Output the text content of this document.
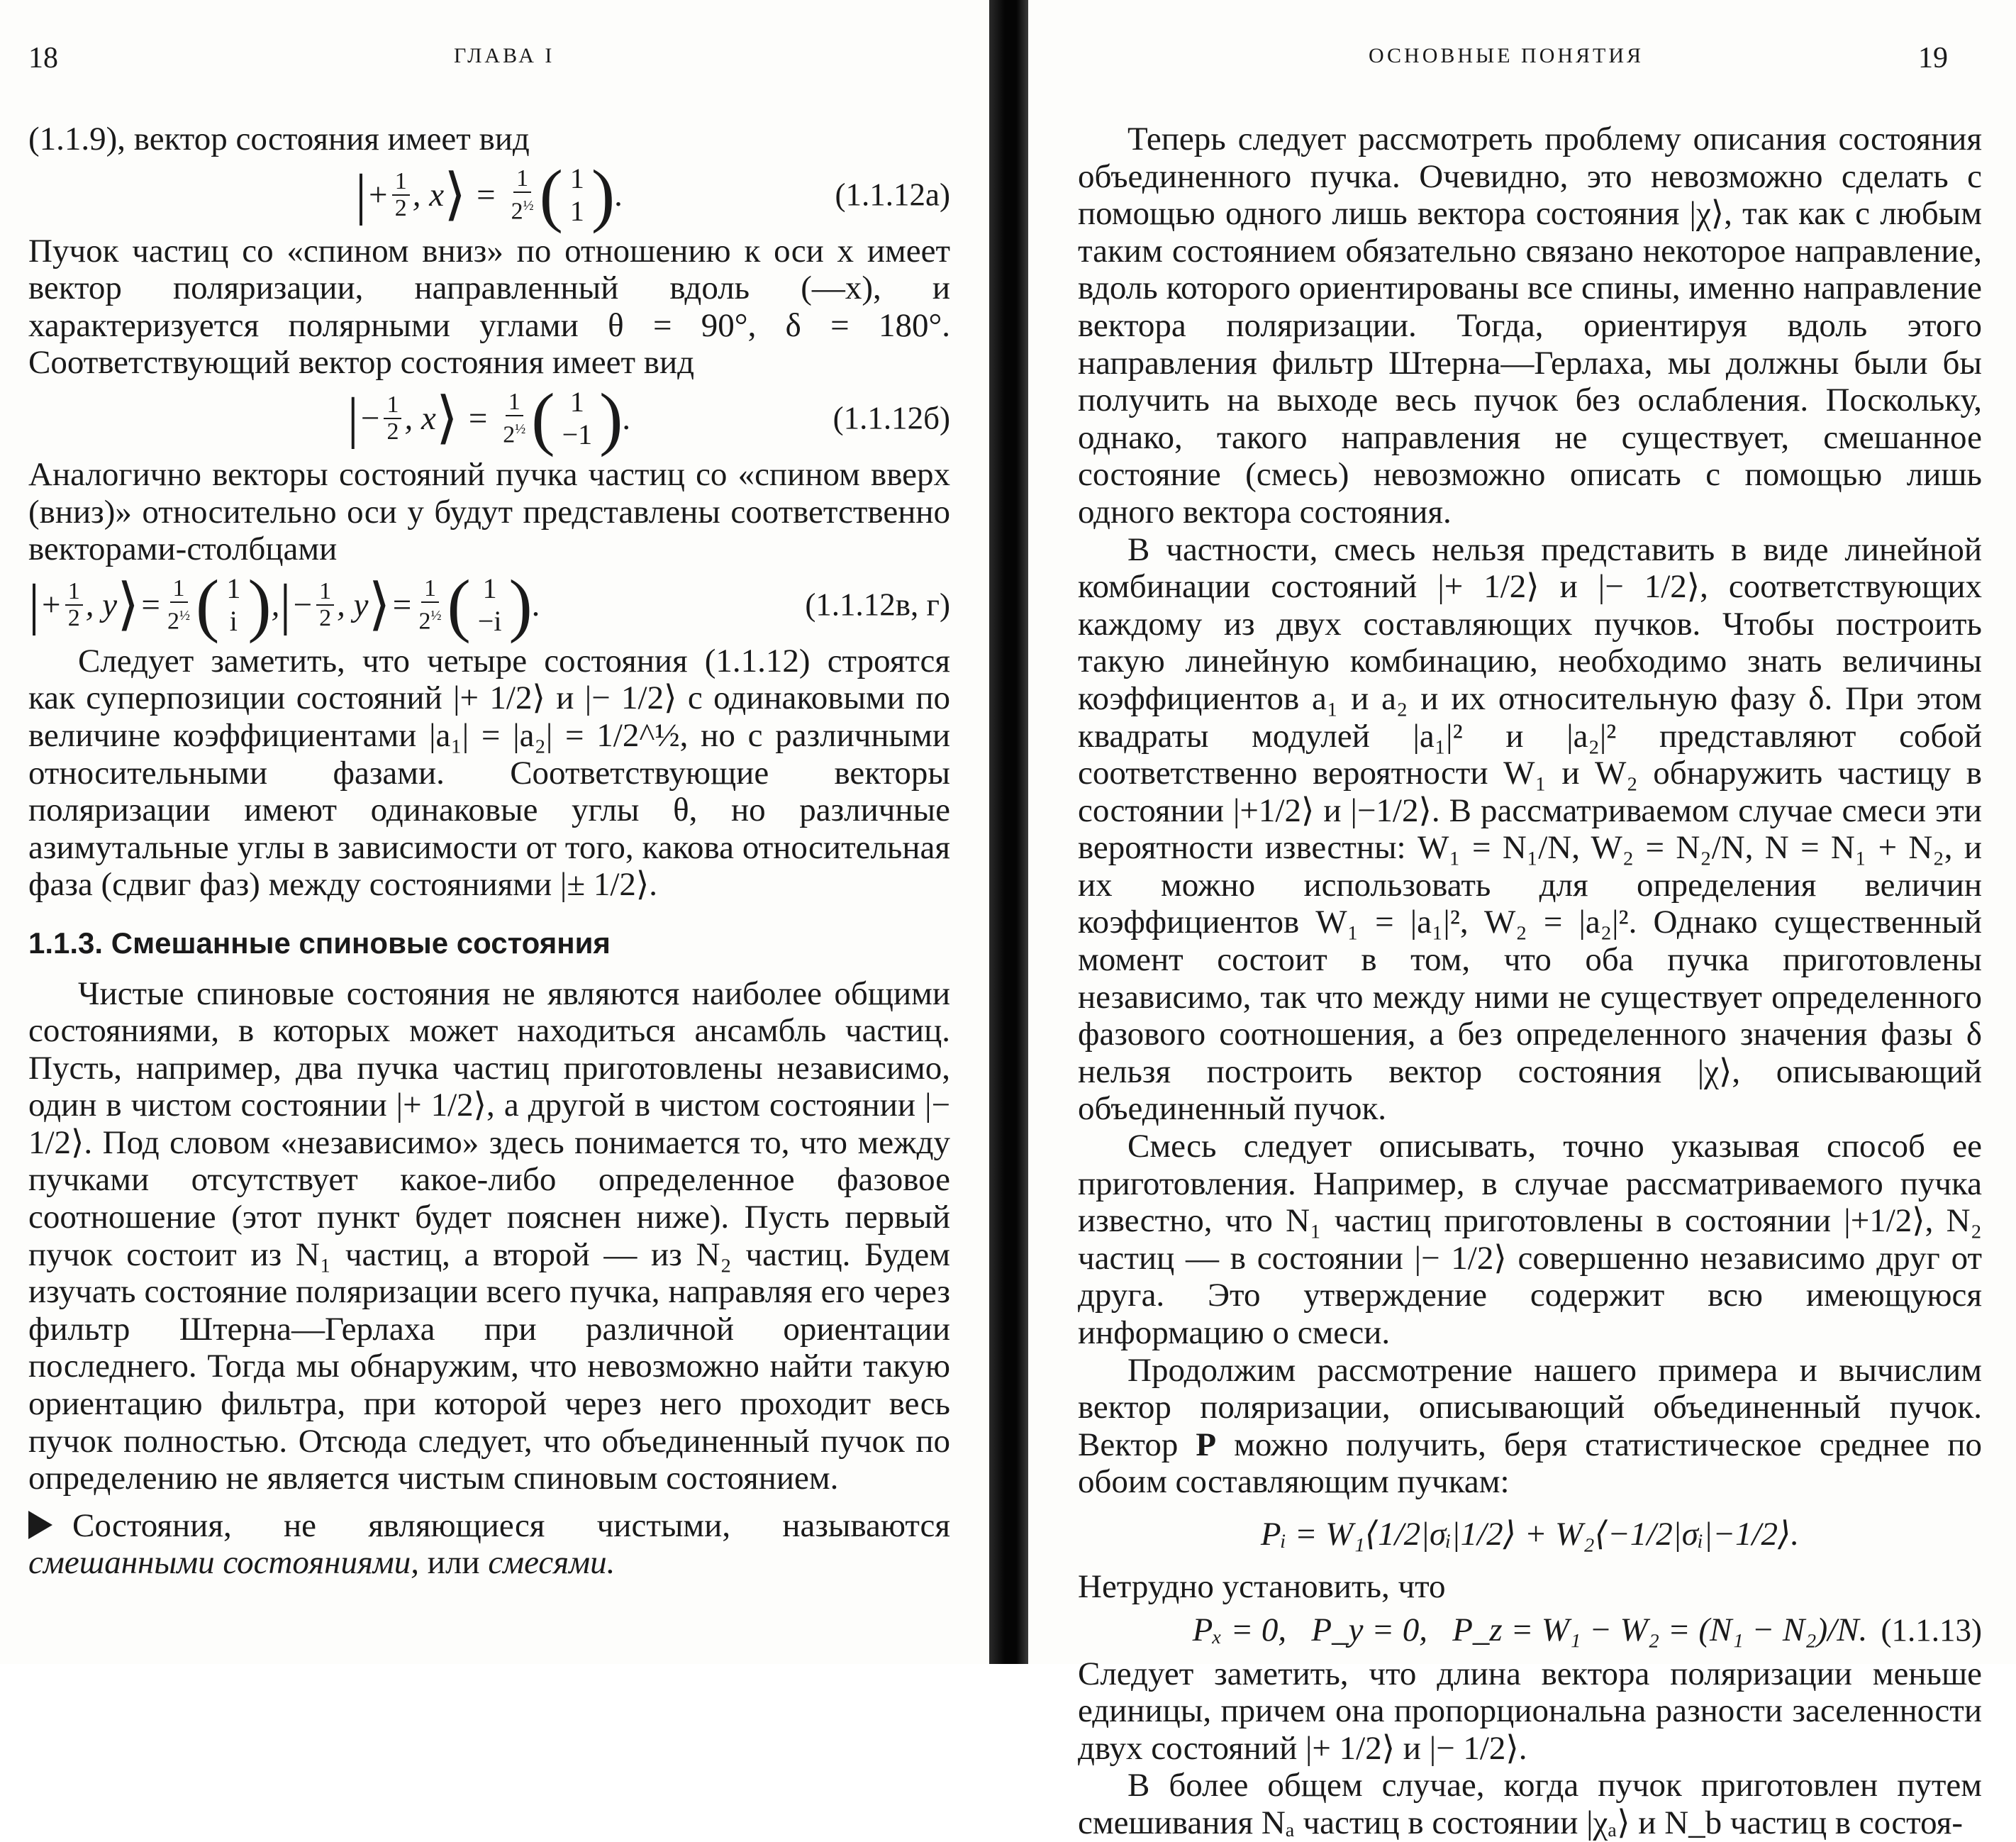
18	ГЛАВА I

(1.1.9), вектор состояния имеет вид

| + $\frac{1}{2}$ , x ⟩ = $\frac{1}{2^{\frac{1}{2}}}$ ( 1
1 ) .	(1.1.12а)

Пучок частиц со «спином вниз» по отношению к оси x имеет вектор поляризации, направленный вдоль (—x), и характеризуется полярными углами θ = 90°, δ = 180°. Соответствующий вектор состояния имеет вид

| − $\frac{1}{2}$ , x ⟩ = $\frac{1}{2^{\frac{1}{2}}}$ ( 1
−1 ) .	(1.1.12б)

Аналогично векторы состояний пучка частиц со «спином вверх (вниз)» относительно оси y будут представлены соответственно векторами-столбцами

| + $\frac{1}{2}$ , y ⟩ = $\frac{1}{2^{\frac{1}{2}}}$ ( 1
i ) , | − $\frac{1}{2}$ , y ⟩ = $\frac{1}{2^{\frac{1}{2}}}$ ( 1
−i ) .	(1.1.12в, г)

Следует заметить, что четыре состояния (1.1.12) строятся как суперпозиции состояний |+ 1/2⟩ и |− 1/2⟩ с одинаковыми по величине коэффициентами |a₁| = |a₂| = 1/2^½, но с различными относительными фазами. Соответствующие векторы поляризации имеют одинаковые углы θ, но различные азимутальные углы в зависимости от того, какова относительная фаза (сдвиг фаз) между состояниями |± 1/2⟩.

1.1.3. Смешанные спиновые состояния

Чистые спиновые состояния не являются наиболее общими состояниями, в которых может находиться ансамбль частиц. Пусть, например, два пучка частиц приготовлены независимо, один в чистом состоянии |+ 1/2⟩, а другой в чистом состоянии |− 1/2⟩. Под словом «независимо» здесь понимается то, что между пучками отсутствует какое-либо определенное фазовое соотношение (этот пункт будет пояснен ниже). Пусть первый пучок состоит из N₁ частиц, а второй — из N₂ частиц. Будем изучать состояние поляризации всего пучка, направляя его через фильтр Штерна—Герлаха при различной ориентации последнего. Тогда мы обнаружим, что невозможно найти такую ориентацию фильтра, при которой через него проходит весь пучок полностью. Отсюда следует, что объединенный пучок по определению не является чистым спиновым состоянием.

Состояния, не являющиеся чистыми, называются смешанными состояниями, или смесями.

ОСНОВНЫЕ ПОНЯТИЯ	19

Теперь следует рассмотреть проблему описания состояния объединенного пучка. Очевидно, это невозможно сделать с помощью одного лишь вектора состояния |χ⟩, так как с любым таким состоянием обязательно связано некоторое направление, вдоль которого ориентированы все спины, именно направление вектора поляризации. Тогда, ориентируя вдоль этого направления фильтр Штерна—Герлаха, мы должны были бы получить на выходе весь пучок без ослабления. Поскольку, однако, такого направления не существует, смешанное состояние (смесь) невозможно описать с помощью лишь одного вектора состояния.

В частности, смесь нельзя представить в виде линейной комбинации состояний |+ 1/2⟩ и |− 1/2⟩, соответствующих каждому из двух составляющих пучков. Чтобы построить такую линейную комбинацию, необходимо знать величины коэффициентов a₁ и a₂ и их относительную фазу δ. При этом квадраты модулей |a₁|² и |a₂|² представляют собой соответственно вероятности W₁ и W₂ обнаружить частицу в состоянии |+1/2⟩ и |−1/2⟩. В рассматриваемом случае смеси эти вероятности известны: W₁ = N₁/N, W₂ = N₂/N, N = N₁ + N₂, и их можно использовать для определения величин коэффициентов W₁ = |a₁|², W₂ = |a₂|². Однако существенный момент состоит в том, что оба пучка приготовлены независимо, так что между ними не существует определенного фазового соотношения, а без определенного значения фазы δ нельзя построить вектор состояния |χ⟩, описывающий объединенный пучок.

Смесь следует описывать, точно указывая способ ее приготовления. Например, в случае рассматриваемого пучка известно, что N₁ частиц приготовлены в состоянии |+1/2⟩, N₂ частиц — в состоянии |− 1/2⟩ совершенно независимо друг от друга. Это утверждение содержит всю имеющуюся информацию о смеси.

Продолжим рассмотрение нашего примера и вычислим вектор поляризации, описывающий объединенный пучок. Вектор P можно получить, беря статистическое среднее по обоим составляющим пучкам:

Pᵢ = W₁⟨1/2|σᵢ|1/2⟩ + W₂⟨−1/2|σᵢ|−1/2⟩.

Нетрудно установить, что

Pₓ = 0,   P_y = 0,   P_z = W₁ − W₂ = (N₁ − N₂)/N. (1.1.13)

Следует заметить, что длина вектора поляризации меньше единицы, причем она пропорциональна разности заселенности двух состояний |+ 1/2⟩ и |− 1/2⟩.

В более общем случае, когда пучок приготовлен путем смешивания Nₐ частиц в состоянии |χₐ⟩ и N_b частиц в состоя-
